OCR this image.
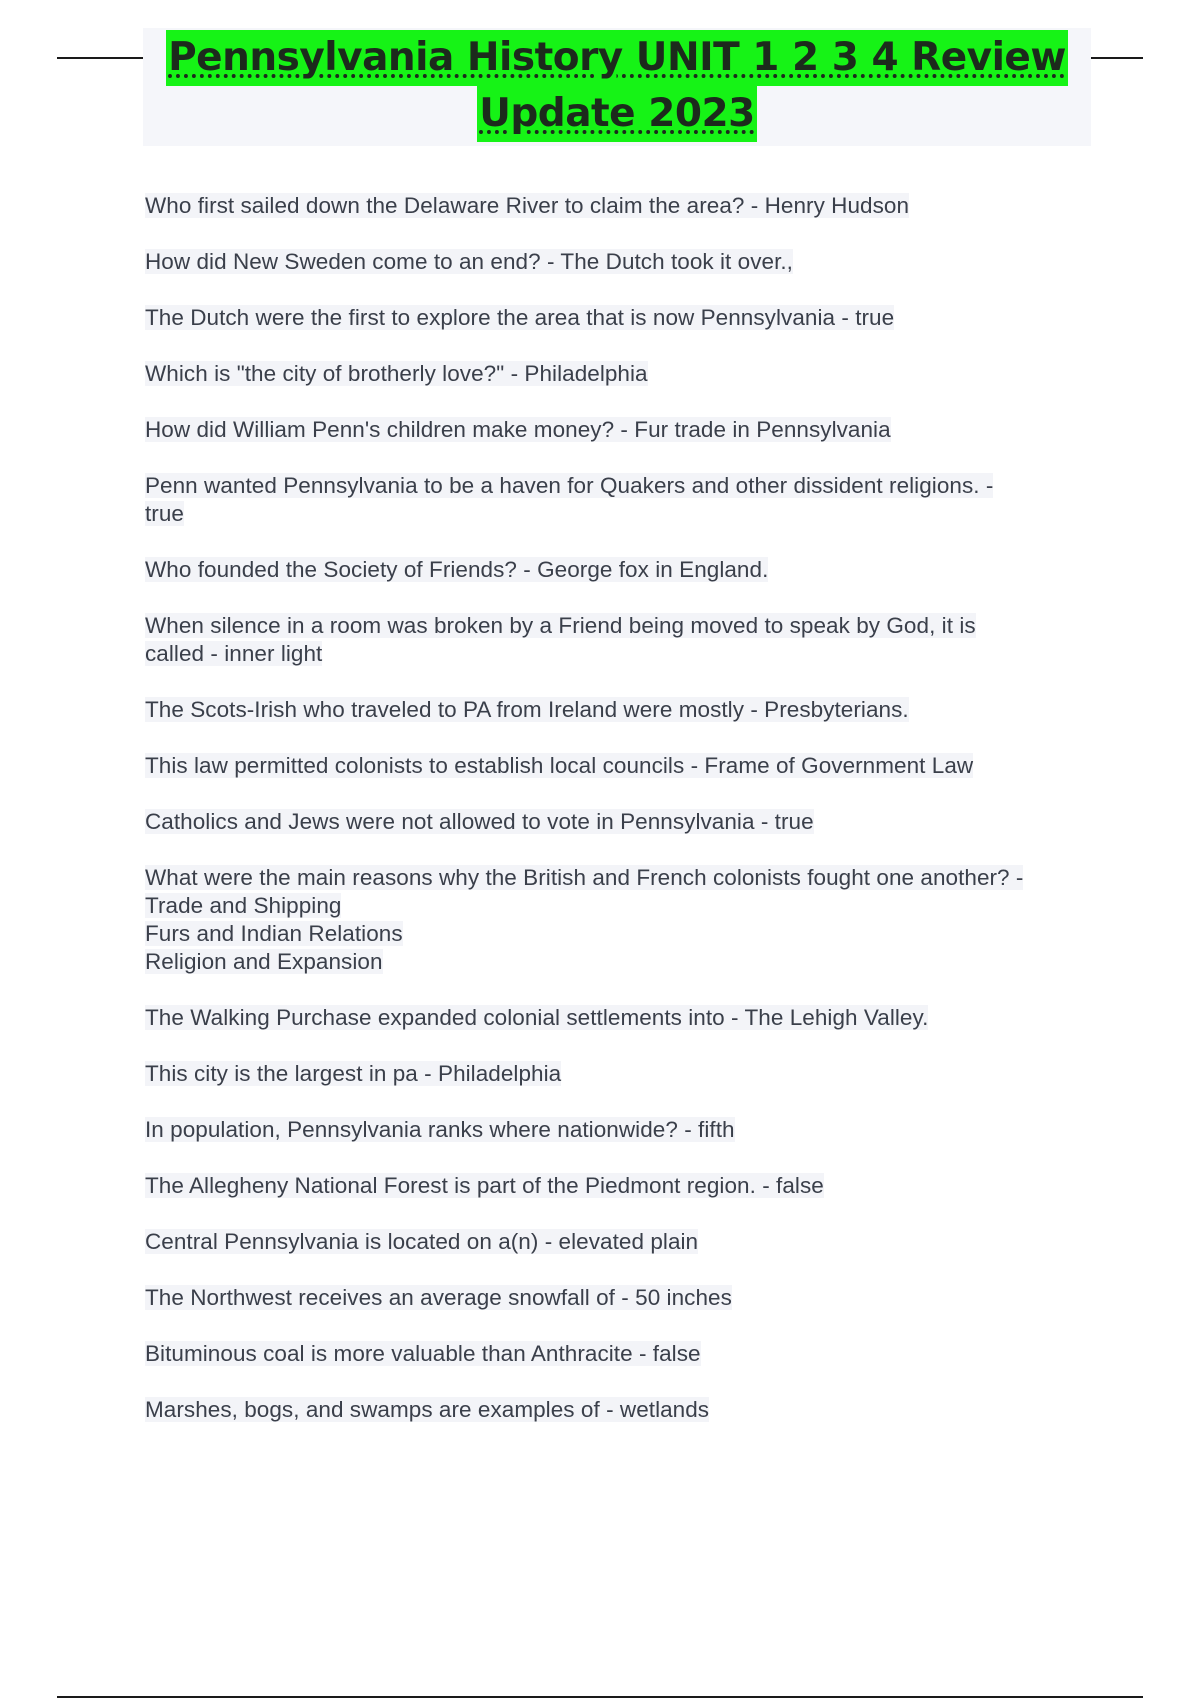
Pennsylvania History UNIT 1 2 3 4 Review
Update 2023
Who first sailed down the Delaware River to claim the area? - Henry Hudson
How did New Sweden come to an end? - The Dutch took it over.,
The Dutch were the first to explore the area that is now Pennsylvania - true
Which is "the city of brotherly love?" - Philadelphia
How did William Penn's children make money? - Fur trade in Pennsylvania
Penn wanted Pennsylvania to be a haven for Quakers and other dissident religions. -
true
Who founded the Society of Friends? - George fox in England.
When silence in a room was broken by a Friend being moved to speak by God, it is
called - inner light
The Scots-Irish who traveled to PA from Ireland were mostly - Presbyterians.
This law permitted colonists to establish local councils - Frame of Government Law
Catholics and Jews were not allowed to vote in Pennsylvania - true
What were the main reasons why the British and French colonists fought one another? -
Trade and Shipping
Furs and Indian Relations
Religion and Expansion
The Walking Purchase expanded colonial settlements into - The Lehigh Valley.
This city is the largest in pa - Philadelphia
In population, Pennsylvania ranks where nationwide? - fifth
The Allegheny National Forest is part of the Piedmont region. - false
Central Pennsylvania is located on a(n) - elevated plain
The Northwest receives an average snowfall of - 50 inches
Bituminous coal is more valuable than Anthracite - false
Marshes, bogs, and swamps are examples of - wetlands
